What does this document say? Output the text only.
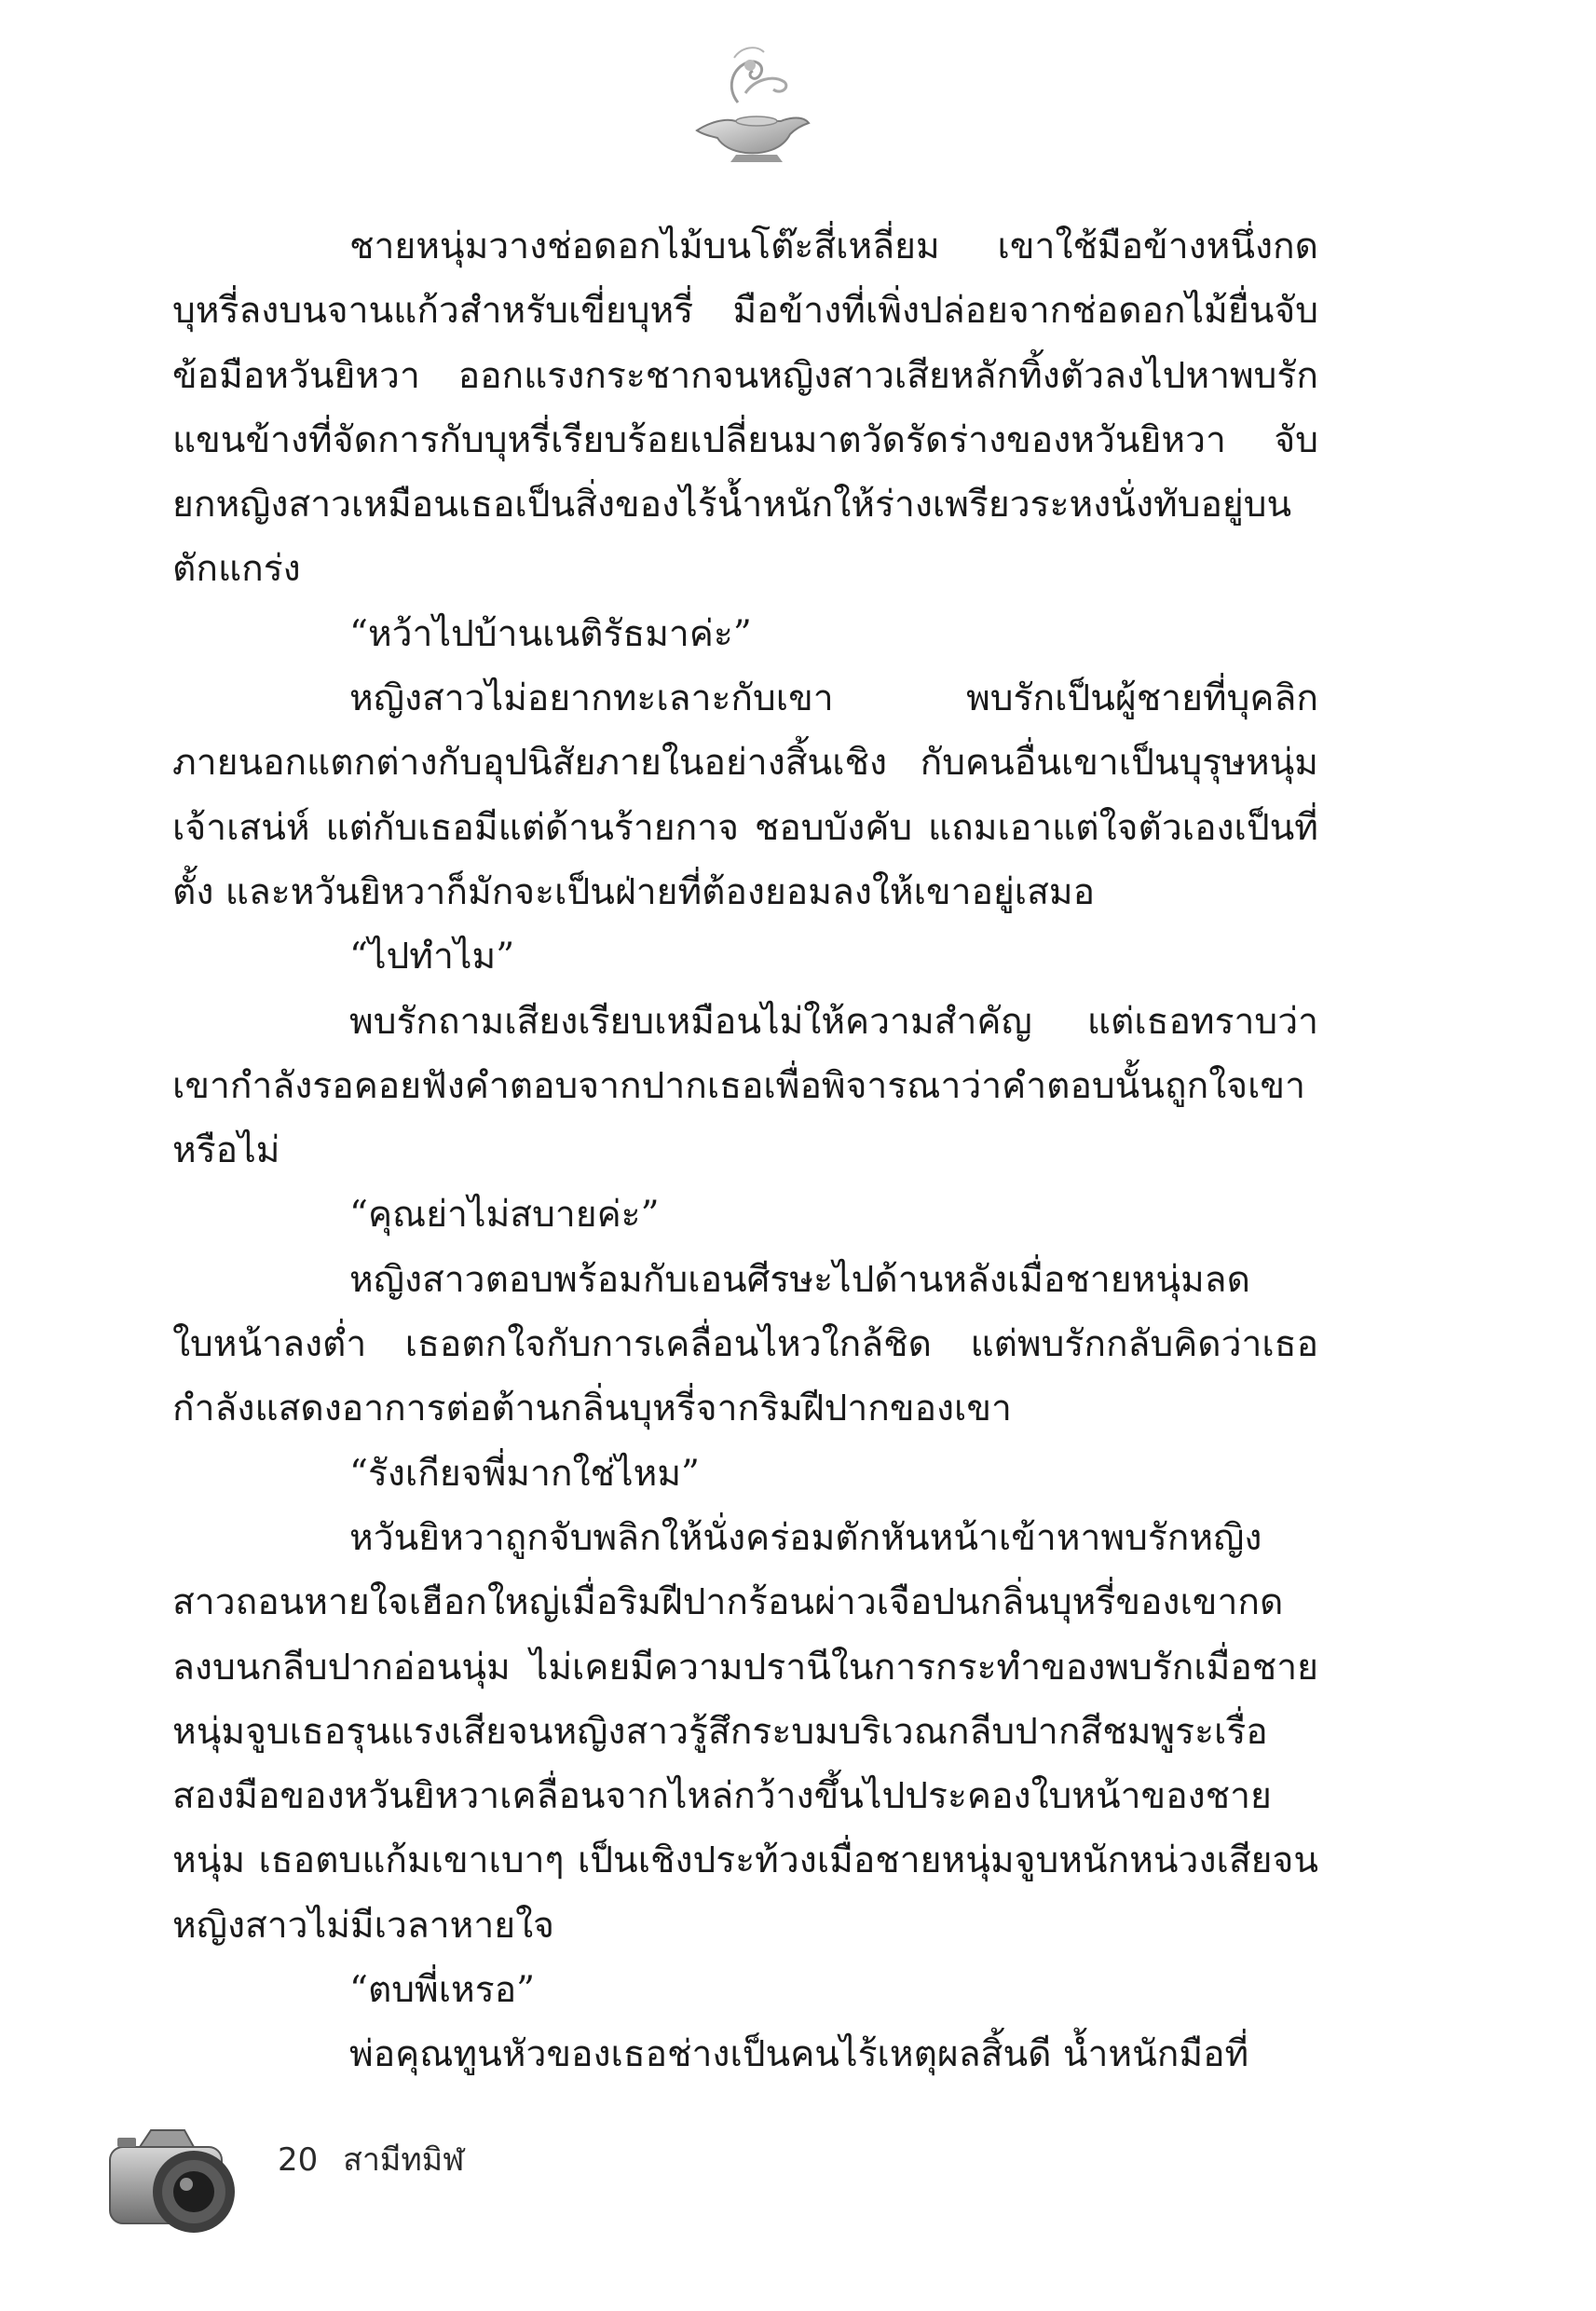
ชายหนุ่มวางช่อดอกไม้บนโต๊ะสี่เหลี่ยม เขาใช้มือข้างหนึ่งกดบุหรี่ลงบนจานแก้วสำหรับเขี่ยบุหรี่ มือข้างที่เพิ่งปล่อยจากช่อดอกไม้ยื่นจับข้อมือหวันยิหวา ออกแรงกระชากจนหญิงสาวเสียหลักทิ้งตัวลงไปหาพบรักแขนข้างที่จัดการกับบุหรี่เรียบร้อยเปลี่ยนมาตวัดรัดร่างของหวันยิหวา จับยกหญิงสาวเหมือนเธอเป็นสิ่งของไร้น้ำหนักให้ร่างเพรียวระหงนั่งทับอยู่บนตักแกร่ง

“หว้าไปบ้านเนติรัธมาค่ะ”

หญิงสาวไม่อยากทะเลาะกับเขา พบรักเป็นผู้ชายที่บุคลิกภายนอกแตกต่างกับอุปนิสัยภายในอย่างสิ้นเชิง กับคนอื่นเขาเป็นบุรุษหนุ่มเจ้าเสน่ห์ แต่กับเธอมีแต่ด้านร้ายกาจ ชอบบังคับ แถมเอาแต่ใจตัวเองเป็นที่ตั้ง และหวันยิหวาก็มักจะเป็นฝ่ายที่ต้องยอมลงให้เขาอยู่เสมอ

“ไปทำไม”

พบรักถามเสียงเรียบเหมือนไม่ให้ความสำคัญ แต่เธอทราบว่าเขากำลังรอคอยฟังคำตอบจากปากเธอเพื่อพิจารณาว่าคำตอบนั้นถูกใจเขาหรือไม่

“คุณย่าไม่สบายค่ะ”

หญิงสาวตอบพร้อมกับเอนศีรษะไปด้านหลังเมื่อชายหนุ่มลดใบหน้าลงต่ำ เธอตกใจกับการเคลื่อนไหวใกล้ชิด แต่พบรักกลับคิดว่าเธอกำลังแสดงอาการต่อต้านกลิ่นบุหรี่จากริมฝีปากของเขา

“รังเกียจพี่มากใช่ไหม”

หวันยิหวาถูกจับพลิกให้นั่งคร่อมตักหันหน้าเข้าหาพบรักหญิงสาวถอนหายใจเฮือกใหญ่เมื่อริมฝีปากร้อนผ่าวเจือปนกลิ่นบุหรี่ของเขากดลงบนกลีบปากอ่อนนุ่ม ไม่เคยมีความปรานีในการกระทำของพบรักเมื่อชายหนุ่มจูบเธอรุนแรงเสียจนหญิงสาวรู้สึกระบมบริเวณกลีบปากสีชมพูระเรื่อ สองมือของหวันยิหวาเคลื่อนจากไหล่กว้างขึ้นไปประคองใบหน้าของชายหนุ่ม เธอตบแก้มเขาเบาๆ เป็นเชิงประท้วงเมื่อชายหนุ่มจูบหนักหน่วงเสียจนหญิงสาวไม่มีเวลาหายใจ

“ตบพี่เหรอ”

พ่อคุณทูนหัวของเธอช่างเป็นคนไร้เหตุผลสิ้นดี น้ำหนักมือที่

20 สามีทมิฬ
